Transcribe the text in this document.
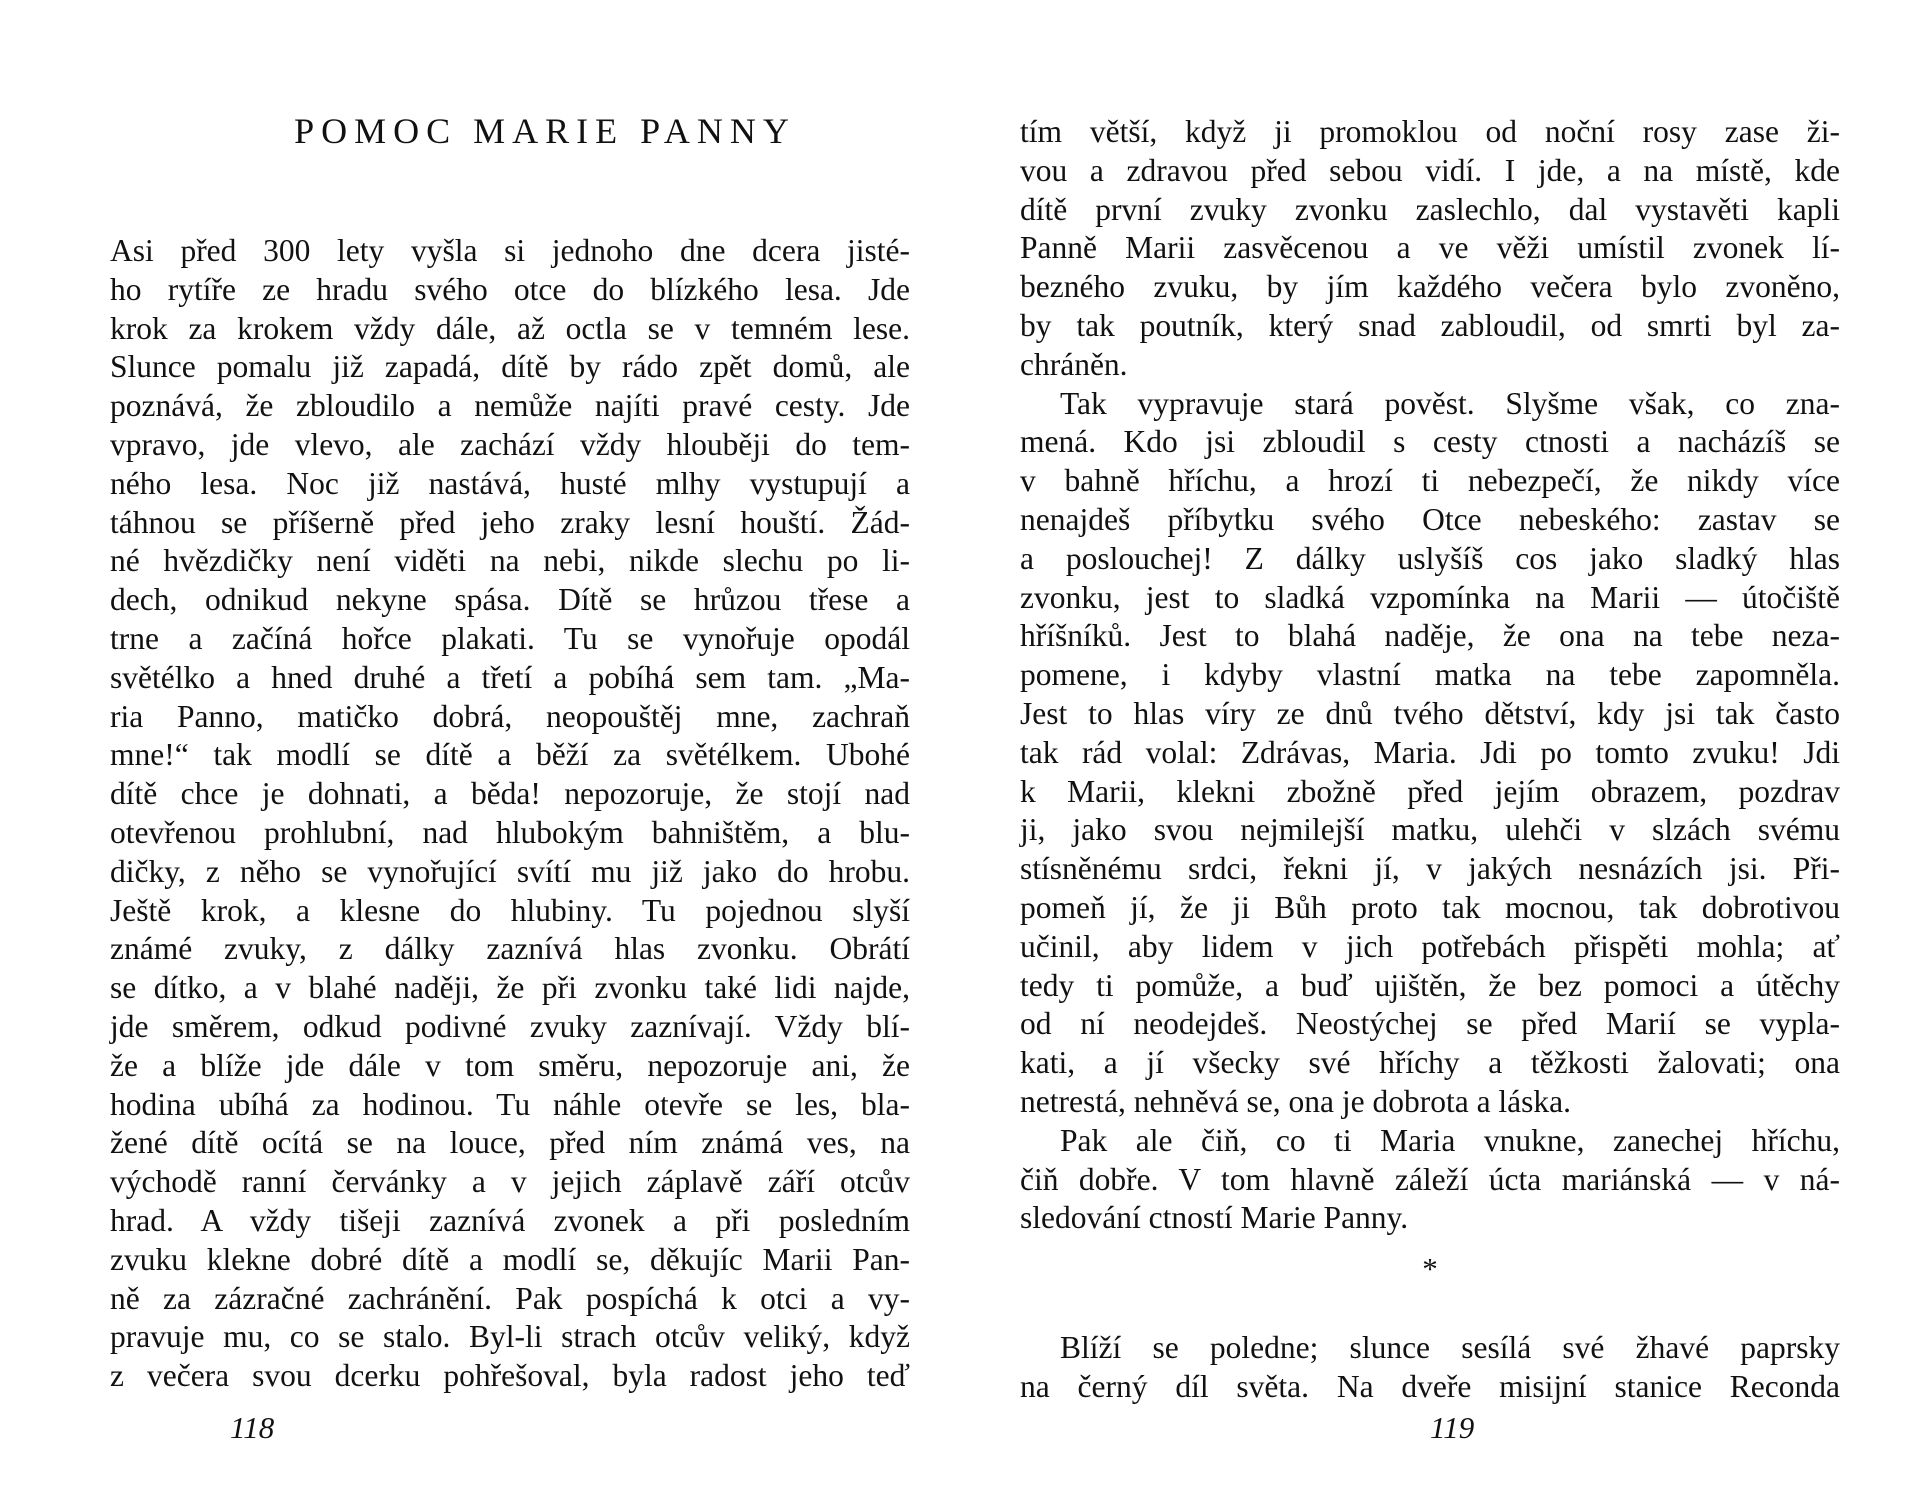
POMOC MARIE PANNY
Asi před 300 lety vyšla si jednoho dne dcera jisté-
ho rytíře ze hradu svého otce do blízkého lesa. Jde
krok za krokem vždy dále, až octla se v temném lese.
Slunce pomalu již zapadá, dítě by rádo zpět domů, ale
poznává, že zbloudilo a nemůže najíti pravé cesty. Jde
vpravo, jde vlevo, ale zachází vždy hlouběji do tem-
ného lesa. Noc již nastává, husté mlhy vystupují a
táhnou se příšerně před jeho zraky lesní houští. Žád-
né hvězdičky není viděti na nebi, nikde slechu po li-
dech, odnikud nekyne spása. Dítě se hrůzou třese a
trne a začíná hořce plakati. Tu se vynořuje opodál
světélko a hned druhé a třetí a pobíhá sem tam. „Ma-
ria Panno, matičko dobrá, neopouštěj mne, zachraň
mne!“ tak modlí se dítě a běží za světélkem. Ubohé
dítě chce je dohnati, a běda! nepozoruje, že stojí nad
otevřenou prohlubní, nad hlubokým bahništěm, a blu-
dičky, z něho se vynořující svítí mu již jako do hrobu.
Ještě krok, a klesne do hlubiny. Tu pojednou slyší
známé zvuky, z dálky zaznívá hlas zvonku. Obrátí
se dítko, a v blahé naději, že při zvonku také lidi najde,
jde směrem, odkud podivné zvuky zaznívají. Vždy blí-
že a blíže jde dále v tom směru, nepozoruje ani, že
hodina ubíhá za hodinou. Tu náhle otevře se les, bla-
žené dítě ocítá se na louce, před ním známá ves, na
východě ranní červánky a v jejich záplavě září otcův
hrad. A vždy tišeji zaznívá zvonek a při posledním
zvuku klekne dobré dítě a modlí se, děkujíc Marii Pan-
ně za zázračné zachránění. Pak pospíchá k otci a vy-
pravuje mu, co se stalo. Byl-li strach otcův veliký, když
z večera svou dcerku pohřešoval, byla radost jeho teď
118
tím větší, když ji promoklou od noční rosy zase ži-
vou a zdravou před sebou vidí. I jde, a na místě, kde
dítě první zvuky zvonku zaslechlo, dal vystavěti kapli
Panně Marii zasvěcenou a ve věži umístil zvonek lí-
bezného zvuku, by jím každého večera bylo zvoněno,
by tak poutník, který snad zabloudil, od smrti byl za-
chráněn.
Tak vypravuje stará pověst. Slyšme však, co zna-
mená. Kdo jsi zbloudil s cesty ctnosti a nacházíš se
v bahně hříchu, a hrozí ti nebezpečí, že nikdy více
nenajdeš příbytku svého Otce nebeského: zastav se
a poslouchej! Z dálky uslyšíš cos jako sladký hlas
zvonku, jest to sladká vzpomínka na Marii — útočiště
hříšníků. Jest to blahá naděje, že ona na tebe neza-
pomene, i kdyby vlastní matka na tebe zapomněla.
Jest to hlas víry ze dnů tvého dětství, kdy jsi tak často
tak rád volal: Zdrávas, Maria. Jdi po tomto zvuku! Jdi
k Marii, klekni zbožně před jejím obrazem, pozdrav
ji, jako svou nejmilejší matku, ulehči v slzách svému
stísněnému srdci, řekni jí, v jakých nesnázích jsi. Při-
pomeň jí, že ji Bůh proto tak mocnou, tak dobrotivou
učinil, aby lidem v jich potřebách přispěti mohla; ať
tedy ti pomůže, a buď ujištěn, že bez pomoci a útěchy
od ní neodejdeš. Neostýchej se před Marií se vypla-
kati, a jí všecky své hříchy a těžkosti žalovati; ona
netrestá, nehněvá se, ona je dobrota a láska.
Pak ale čiň, co ti Maria vnukne, zanechej hříchu,
čiň dobře. V tom hlavně záleží úcta mariánská — v ná-
sledování ctností Marie Panny.
*
Blíží se poledne; slunce sesílá své žhavé paprsky
na černý díl světa. Na dveře misijní stanice Reconda
119
